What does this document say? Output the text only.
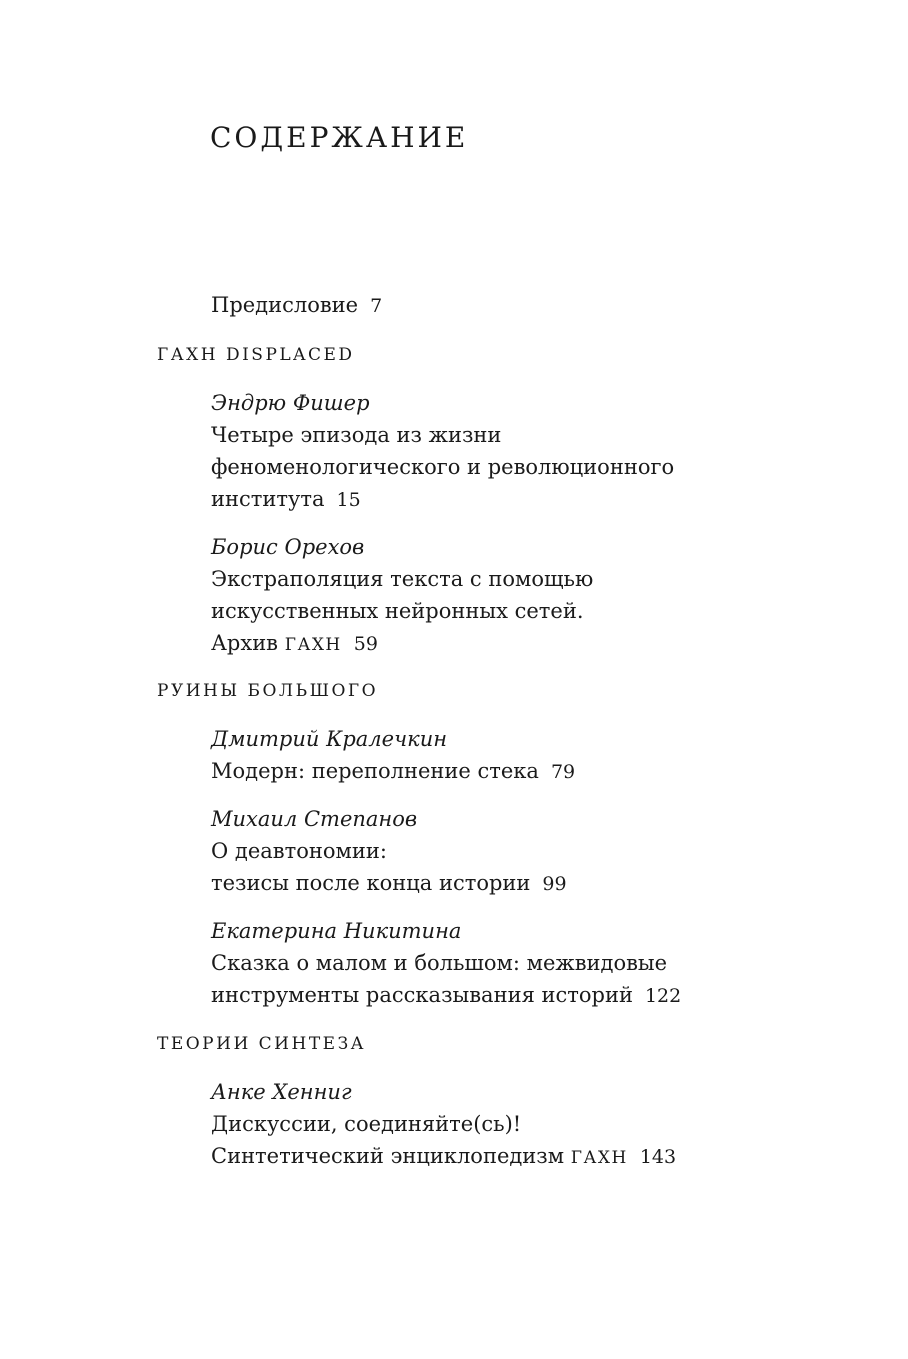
СОДЕРЖАНИЕ
Предисловие 7
ГАХН DISPLACED
Эндрю Фишер
Четыре эпизода из жизни
феноменологического и революционного
института 15
Борис Орехов
Экстраполяция текста с помощью
искусственных нейронных сетей.
Архив ГАХН 59
РУИНЫ БОЛЬШОГО
Дмитрий Кралечкин
Модерн: переполнение стека 79
Михаил Степанов
О деавтономии:
тезисы после конца истории 99
Екатерина Никитина
Сказка о малом и большом: межвидовые
инструменты рассказывания историй 122
ТЕОРИИ СИНТЕЗА
Анке Хенниг
Дискуссии, соединяйте(сь)!
Синтетический энциклопедизм ГАХН 143
